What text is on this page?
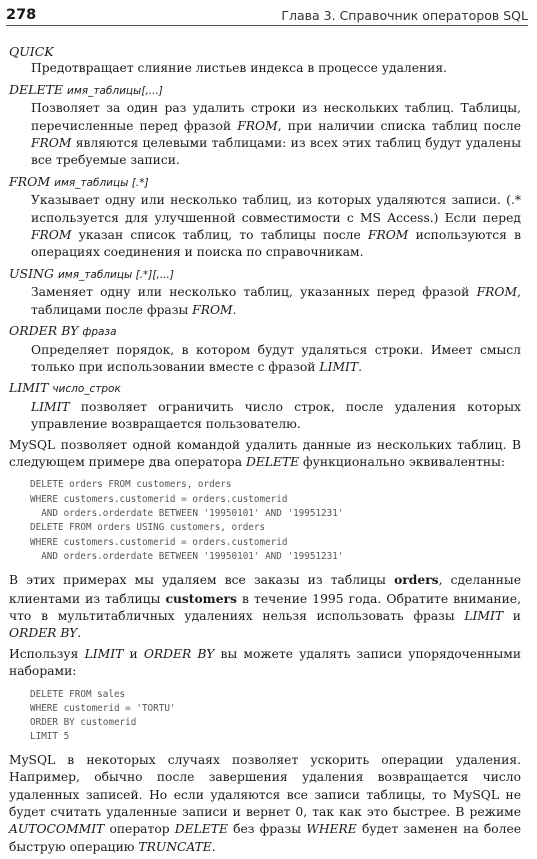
278	Глава 3. Справочник операторов SQL
QUICK
Предотвращает слияние листьев индекса в процессе удаления.
DELETE имя_таблицы[,...]
Позволяет за один раз удалить строки из нескольких таблиц. Таблицы, перечисленные перед фразой FROM, при наличии списка таблиц после FROM являются целевыми таблицами: из всех этих таблиц будут удалены все требуемые записи.
FROM имя_таблицы [.*]
Указывает одну или несколько таблиц, из которых удаляются записи. (.* используется для улучшенной совместимости с MS Access.) Если перед FROM указан список таблиц, то таблицы после FROM используются в операциях соединения и поиска по справочникам.
USING имя_таблицы [.*][,...]
Заменяет одну или несколько таблиц, указанных перед фразой FROM, таблицами после фразы FROM.
ORDER BY фраза
Определяет порядок, в котором будут удаляться строки. Имеет смысл только при использовании вместе с фразой LIMIT.
LIMIT число_строк
LIMIT позволяет ограничить число строк, после удаления которых управление возвращается пользователю.
MySQL позволяет одной командой удалить данные из нескольких таблиц. В следующем примере два оператора DELETE функционально эквивалентны:
DELETE orders FROM customers, orders
WHERE customers.customerid = orders.customerid
AND orders.orderdate BETWEEN '19950101' AND '19951231'
DELETE FROM orders USING customers, orders
WHERE customers.customerid = orders.customerid
AND orders.orderdate BETWEEN '19950101' AND '19951231'
В этих примерах мы удаляем все заказы из таблицы orders, сделанные клиентами из таблицы customers в течение 1995 года. Обратите внимание, что в мультитабличных удалениях нельзя использовать фразы LIMIT и ORDER BY.
Используя LIMIT и ORDER BY вы можете удалять записи упорядоченными наборами:
DELETE FROM sales
WHERE customerid = 'TORTU'
ORDER BY customerid
LIMIT 5
MySQL в некоторых случаях позволяет ускорить операции удаления. Например, обычно после завершения удаления возвращается число удаленных записей. Но если удаляются все записи таблицы, то MySQL не будет считать удаленные записи и вернет 0, так как это быстрее. В режиме AUTOCOMMIT оператор DELETE без фразы WHERE будет заменен на более быструю операцию TRUNCATE.
